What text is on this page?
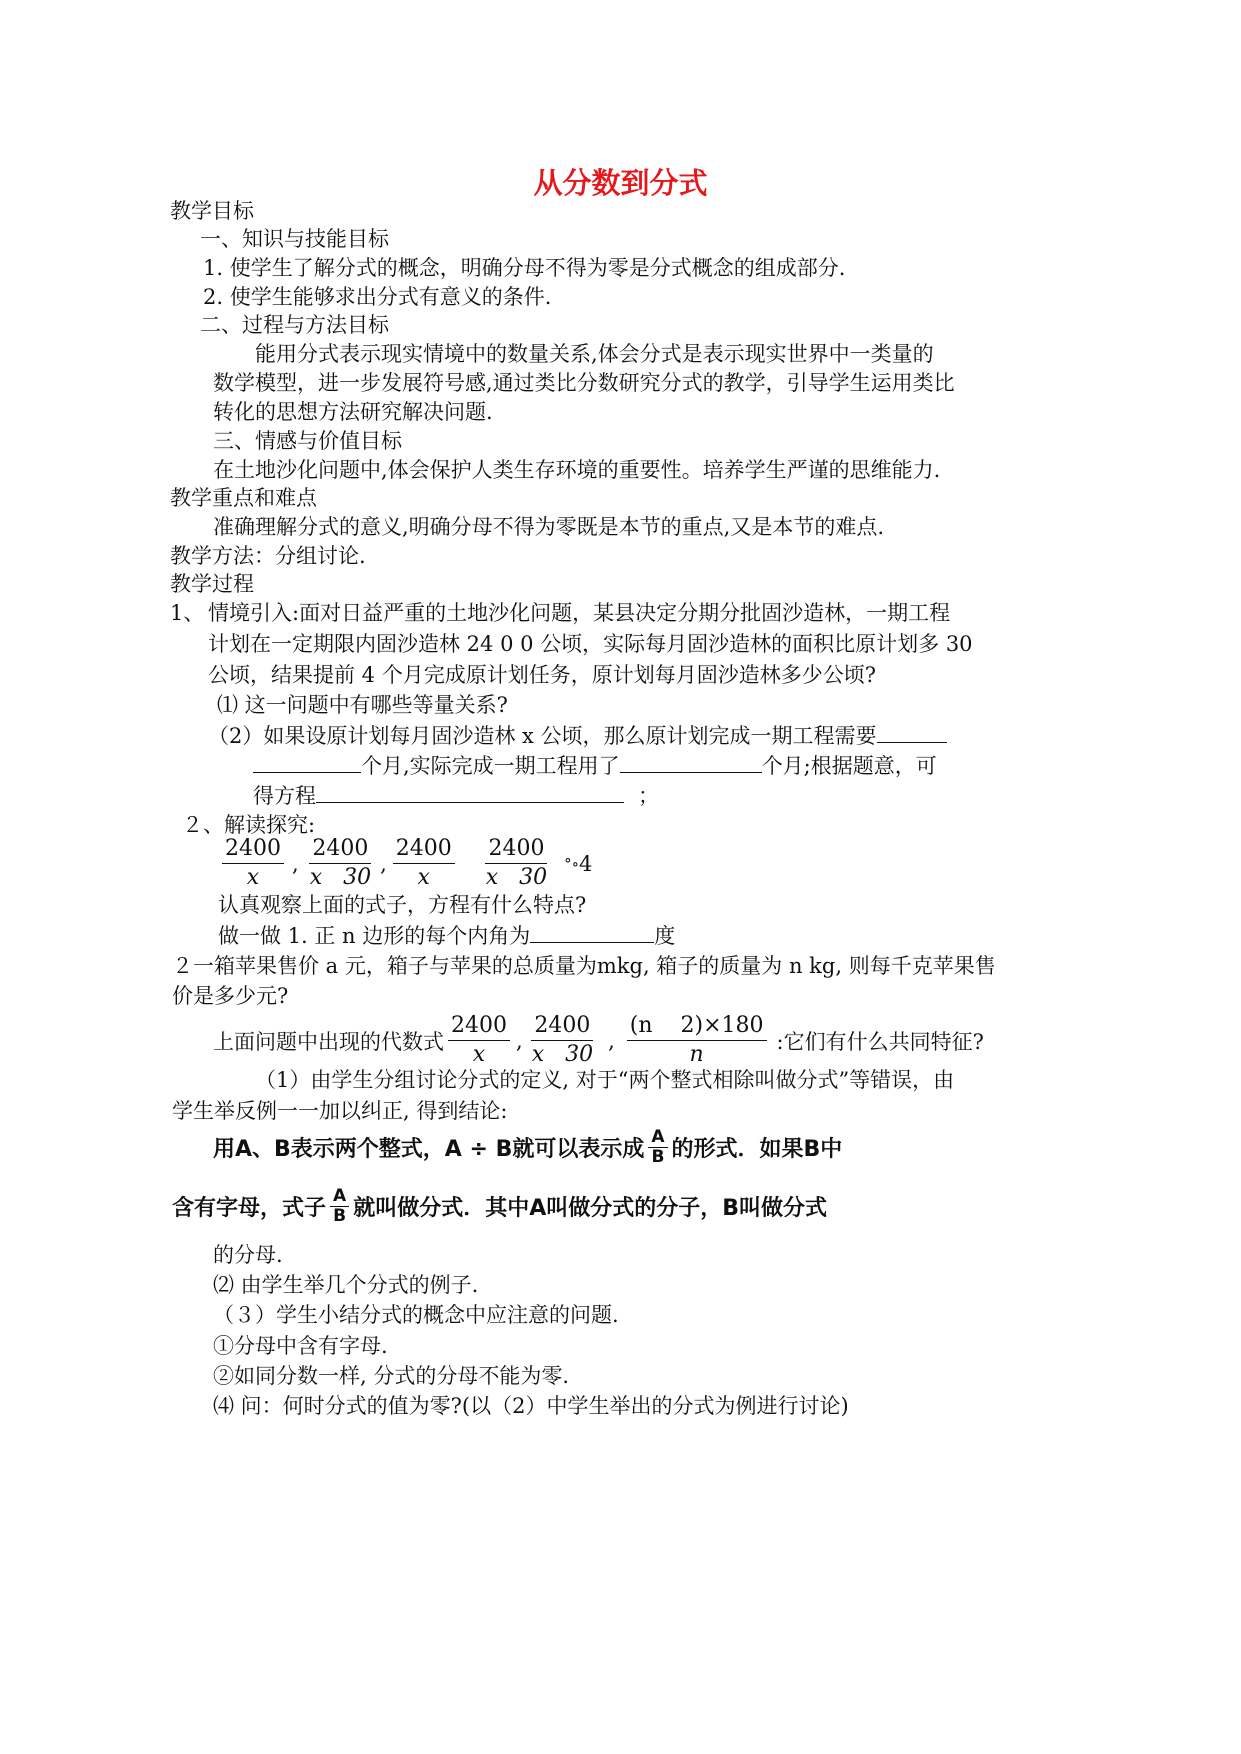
从分数到分式
教学目标
一、知识与技能目标
1. 使学生了解分式的概念，明确分母不得为零是分式概念的组成部分.
2. 使学生能够求出分式有意义的条件.
二、过程与方法目标
能用分式表示现实情境中的数量关系,体会分式是表示现实世界中一类量的
数学模型，进一步发展符号感,通过类比分数研究分式的教学，引导学生运用类比
转化的思想方法研究解决问题.
三、情感与价值目标
在土地沙化问题中,体会保护人类生存环境的重要性。培养学生严谨的思维能力.
教学重点和难点
准确理解分式的意义,明确分母不得为零既是本节的重点,又是本节的难点.
教学方法：分组讨论.
教学过程
1、 情境引入:面对日益严重的土地沙化问题，某县决定分期分批固沙造林，一期工程
计划在一定期限内固沙造林 24 0 0 公顷，实际每月固沙造林的面积比原计划多 30
公顷，结果提前 4 个月完成原计划任务，原计划每月固沙造林多少公顷?
⑴ 这一问题中有哪些等量关系?
（2）如果设原计划每月固沙造林 x 公顷，那么原计划完成一期工程需要
个月,实际完成一期工程用了	个月;根据题意，可
得方程	；
２、解读探究:
$\frac{2400}{x}$ , $\frac{2400}{x 30}$ , $\frac{2400}{x} \frac{2400}{x 30}$ °∘ 4
认真观察上面的式子，方程有什么特点?
做一做 1. 正 n 边形的每个内角为	度
２一箱苹果售价 a 元，箱子与苹果的总质量为mkg, 箱子的质量为 n kg, 则每千克苹果售
价是多少元?
上面问题中出现的代数式 $\frac{2400}{x}$ , $\frac{2400}{x 30}$ , $\frac{(n 2)\times 180}{n}$ :它们有什么共同特征?
（1）由学生分组讨论分式的定义, 对于“两个整式相除叫做分式”等错误，由
学生举反例一一加以纠正, 得到结论:
用A、B表示两个整式，A ÷ B就可以表示成 $\frac{A}{B}$ 的形式．如果B中
含有字母，式子 $\frac{A}{B}$ 就叫做分式．其中A叫做分式的分子，B叫做分式
的分母.
⑵ 由学生举几个分式的例子.
（３）学生小结分式的概念中应注意的问题.
①分母中含有字母.
②如同分数一样, 分式的分母不能为零.
⑷ 问：何时分式的值为零?(以（2）中学生举出的分式为例进行讨论)
